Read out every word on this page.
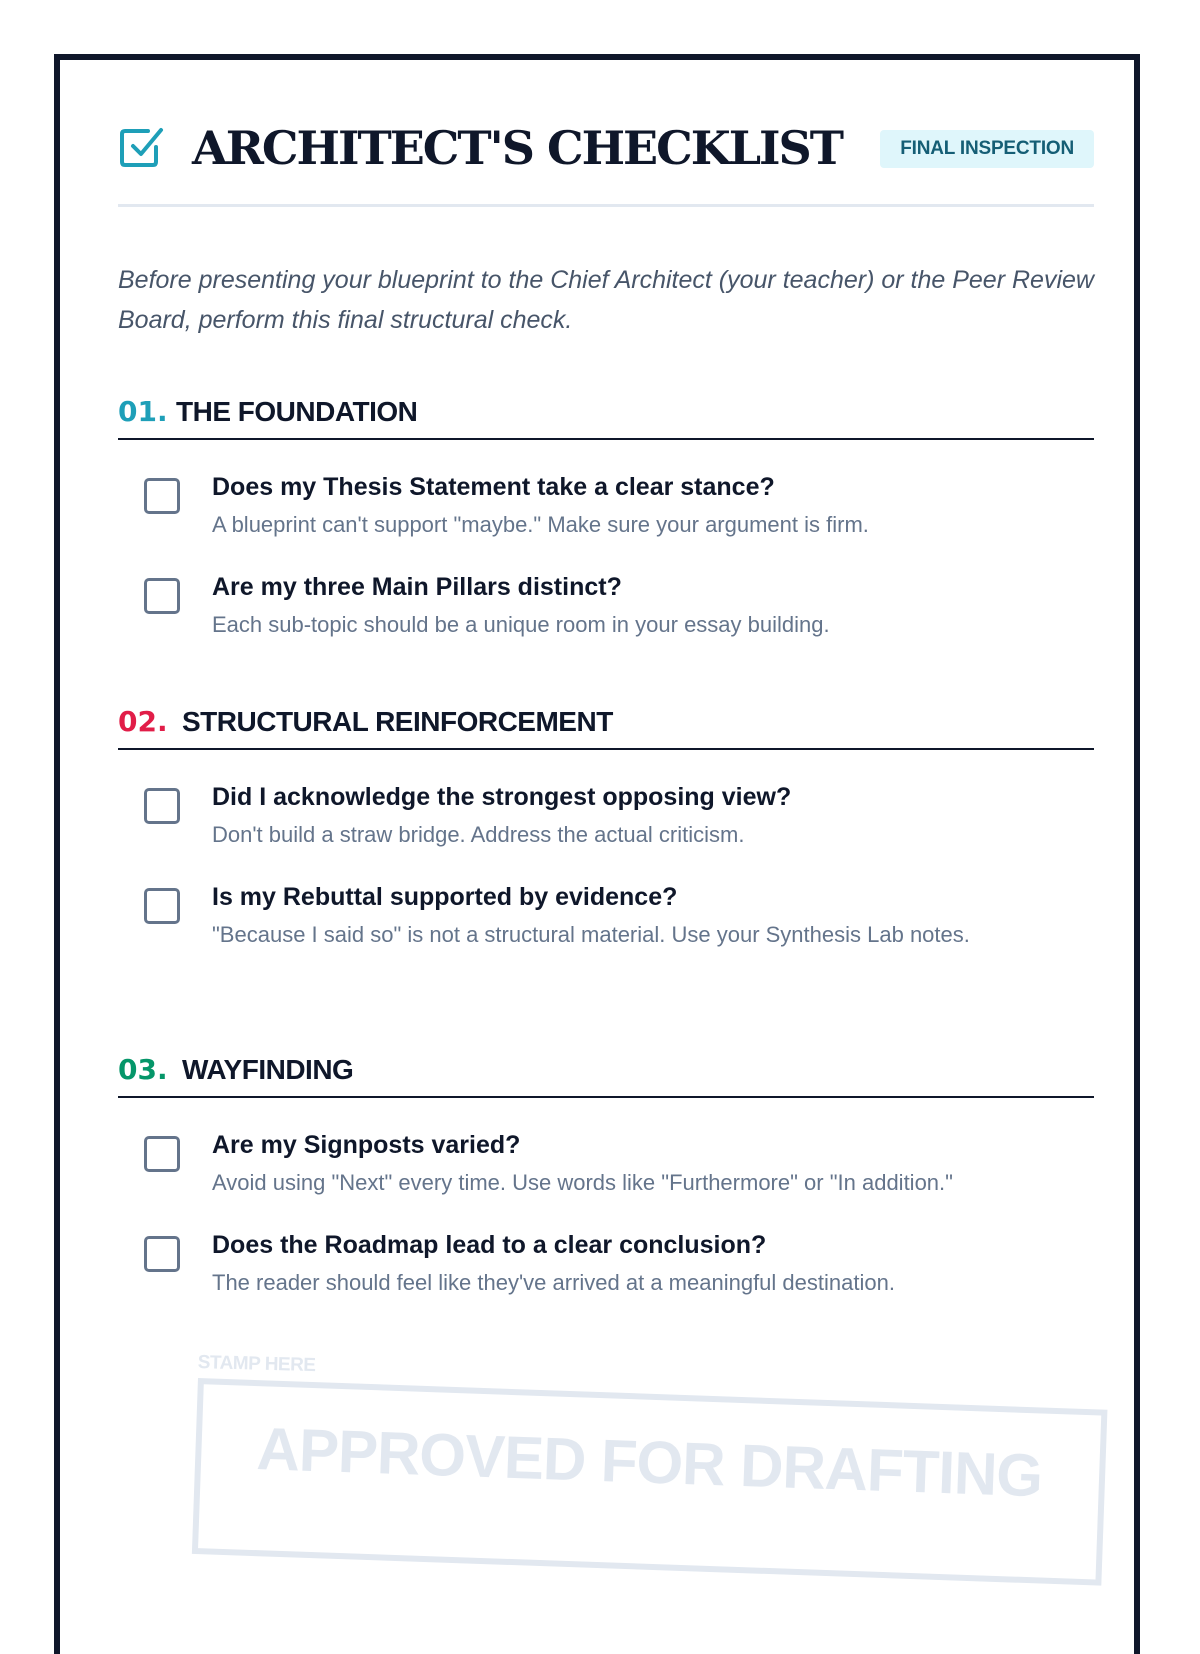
ARCHITECT'S CHECKLIST	FINAL INSPECTION

Before presenting your blueprint to the Chief Architect (your teacher) or the Peer Review Board, perform this final structural check.

01. THE FOUNDATION
Does my Thesis Statement take a clear stance?
A blueprint can't support "maybe." Make sure your argument is firm.
Are my three Main Pillars distinct?
Each sub-topic should be a unique room in your essay building.
02. STRUCTURAL REINFORCEMENT
Did I acknowledge the strongest opposing view?
Don't build a straw bridge. Address the actual criticism.
Is my Rebuttal supported by evidence?
"Because I said so" is not a structural material. Use your Synthesis Lab notes.
03. WAYFINDING
Are my Signposts varied?
Avoid using "Next" every time. Use words like "Furthermore" or "In addition."
Does the Roadmap lead to a clear conclusion?
The reader should feel like they've arrived at a meaningful destination.
STAMP HERE
APPROVED FOR DRAFTING
